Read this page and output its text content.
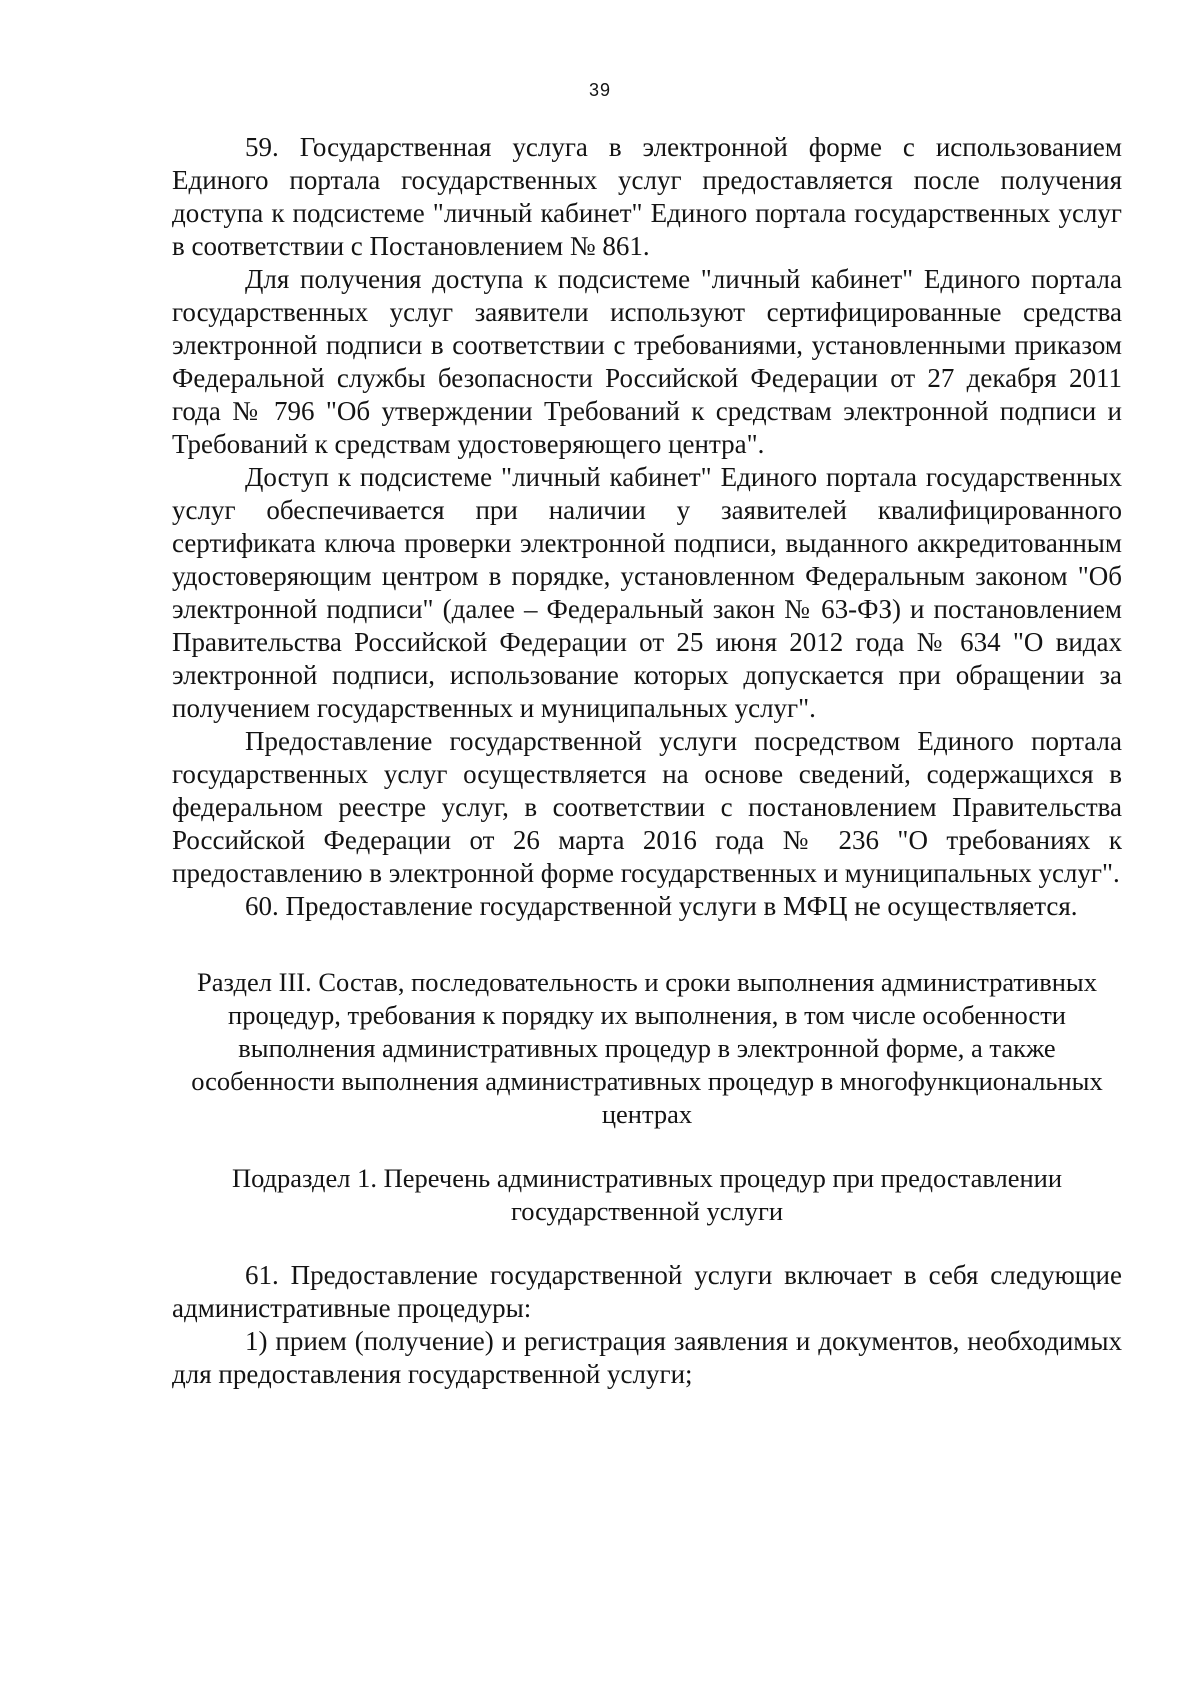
39

59. Государственная услуга в электронной форме с использованием Единого портала государственных услуг предоставляется после получения доступа к подсистеме "личный кабинет" Единого портала государственных услуг в соответствии с Постановлением № 861.

Для получения доступа к подсистеме "личный кабинет" Единого портала государственных услуг заявители используют сертифицированные средства электронной подписи в соответствии с требованиями, установленными приказом Федеральной службы безопасности Российской Федерации от 27 декабря 2011 года № 796 "Об утверждении Требований к средствам электронной подписи и Требований к средствам удостоверяющего центра".

Доступ к подсистеме "личный кабинет" Единого портала государственных услуг обеспечивается при наличии у заявителей квалифицированного сертификата ключа проверки электронной подписи, выданного аккредитованным удостоверяющим центром в порядке, установленном Федеральным законом "Об электронной подписи" (далее – Федеральный закон № 63-ФЗ) и постановлением Правительства Российской Федерации от 25 июня 2012 года № 634 "О видах электронной подписи, использование которых допускается при обращении за получением государственных и муниципальных услуг".

Предоставление государственной услуги посредством Единого портала государственных услуг осуществляется на основе сведений, содержащихся в федеральном реестре услуг, в соответствии с постановлением Правительства Российской Федерации от 26 марта 2016 года № 236 "О требованиях к предоставлению в электронной форме государственных и муниципальных услуг".

60. Предоставление государственной услуги в МФЦ не осуществляется.

Раздел III. Состав, последовательность и сроки выполнения административных процедур, требования к порядку их выполнения, в том числе особенности выполнения административных процедур в электронной форме, а также особенности выполнения административных процедур в многофункциональных центрах

Подраздел 1. Перечень административных процедур при предоставлении государственной услуги

61. Предоставление государственной услуги включает в себя следующие административные процедуры:

1) прием (получение) и регистрация заявления и документов, необходимых для предоставления государственной услуги;
